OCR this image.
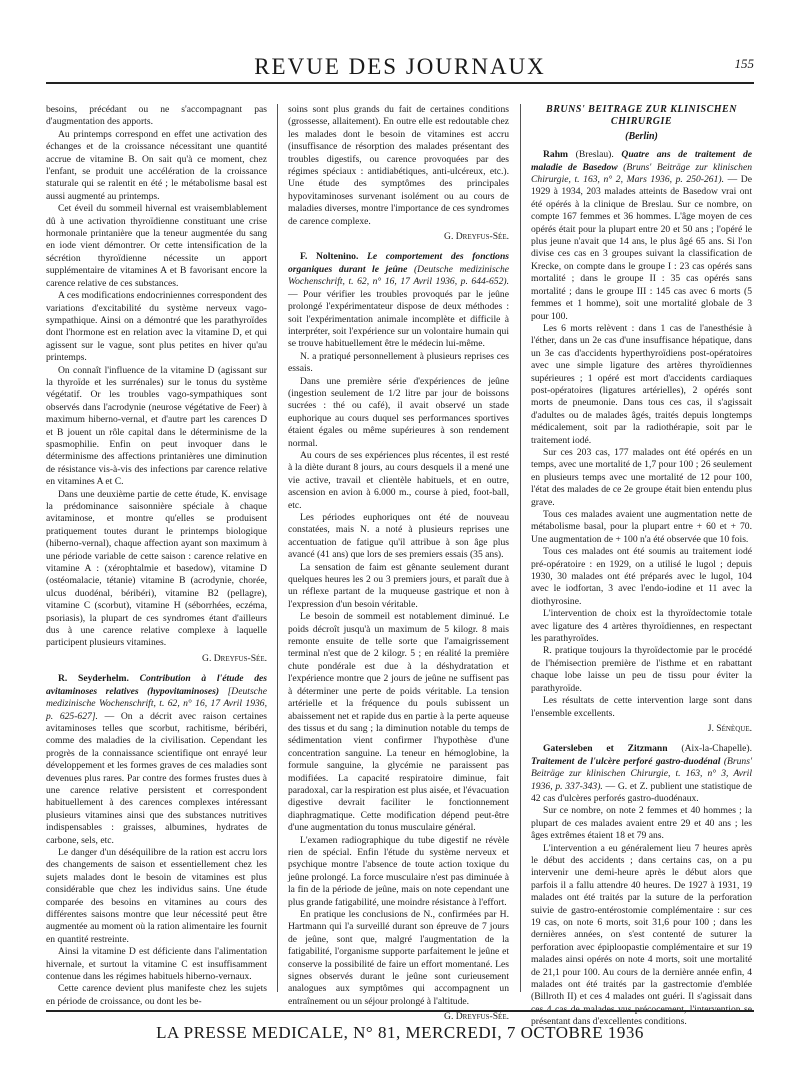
REVUE DES JOURNAUX	155

besoins, précédant ou ne s'accompagnant pas d'augmentation des apports.

Au printemps correspond en effet une activation des échanges et de la croissance nécessitant une quantité accrue de vitamine B. On sait qu'à ce moment, chez l'enfant, se produit une accélération de la croissance staturale qui se ralentit en été ; le métabolisme basal est aussi augmenté au printemps.

Cet éveil du sommeil hivernal est vraisemblablement dû à une activation thyroïdienne constituant une crise hormonale printanière que la teneur augmentée du sang en iode vient démontrer. Or cette intensification de la sécrétion thyroïdienne nécessite un apport supplémentaire de vitamines A et B favorisant encore la carence relative de ces substances.

A ces modifications endocriniennes correspondent des variations d'excitabilité du système nerveux vago-sympathique. Ainsi on a démontré que les parathyroïdes dont l'hormone est en relation avec la vitamine D, et qui agissent sur le vague, sont plus petites en hiver qu'au printemps.

On connaît l'influence de la vitamine D (agissant sur la thyroïde et les surrénales) sur le tonus du système végétatif. Or les troubles vago-sympathiques sont observés dans l'acrodynie (neurose végétative de Feer) à maximum hiberno-vernal, et d'autre part les carences D et B jouent un rôle capital dans le déterminisme de la spasmophilie. Enfin on peut invoquer dans le déterminisme des affections printanières une diminution de résistance vis-à-vis des infections par carence relative en vitamines A et C.

Dans une deuxième partie de cette étude, K. envisage la prédominance saisonnière spéciale à chaque avitaminose, et montre qu'elles se produisent pratiquement toutes durant le printemps biologique (hiberno-vernal), chaque affection ayant son maximum à une période variable de cette saison : carence relative en vitamine A : (xérophtalmie et basedow), vitamine D (ostéomalacie, tétanie) vitamine B (acrodynie, chorée, ulcus duodénal, béribéri), vitamine B2 (pellagre), vitamine C (scorbut), vitamine H (séborrhées, eczéma, psoriasis), la plupart de ces syndromes étant d'ailleurs dus à une carence relative complexe à laquelle participent plusieurs vitamines.

G. Dreyfus-Sée.

R. Seyderhelm. Contribution à l'étude des avitaminoses relatives (hypovitaminoses) [Deutsche medizinische Wochenschrift, t. 62, n° 16, 17 Avril 1936, p. 625-627]. — On a décrit avec raison certaines avitaminoses telles que scorbut, rachitisme, béribéri, comme des maladies de la civilisation. Cependant les progrès de la connaissance scientifique ont enrayé leur développement et les formes graves de ces maladies sont devenues plus rares. Par contre des formes frustes dues à une carence relative persistent et correspondent habituellement à des carences complexes intéressant plusieurs vitamines ainsi que des substances nutritives indispensables : graisses, albumines, hydrates de carbone, sels, etc.

Le danger d'un déséquilibre de la ration est accru lors des changements de saison et essentiellement chez les sujets malades dont le besoin de vitamines est plus considérable que chez les individus sains. Une étude comparée des besoins en vitamines au cours des différentes saisons montre que leur nécessité peut être augmentée au moment où la ration alimentaire les fournit en quantité restreinte.

Ainsi la vitamine D est déficiente dans l'alimentation hivernale, et surtout la vitamine C est insuffisamment contenue dans les régimes habituels hiberno-vernaux.

Cette carence devient plus manifeste chez les sujets en période de croissance, ou dont les be-

soins sont plus grands du fait de certaines conditions (grossesse, allaitement). En outre elle est redoutable chez les malades dont le besoin de vitamines est accru (insuffisance de résorption des malades présentant des troubles digestifs, ou carence provoquées par des régimes spéciaux : antidiabétiques, anti-ulcéreux, etc.). Une étude des symptômes des principales hypovitaminoses survenant isolément ou au cours de maladies diverses, montre l'importance de ces syndromes de carence complexe.

G. Dreyfus-Sée.

F. Noltenino. Le comportement des fonctions organiques durant le jeûne (Deutsche medizinische Wochenschrift, t. 62, n° 16, 17 Avril 1936, p. 644-652). — Pour vérifier les troubles provoqués par le jeûne prolongé l'expérimentateur dispose de deux méthodes : soit l'expérimentation animale incomplète et difficile à interpréter, soit l'expérience sur un volontaire humain qui se trouve habituellement être le médecin lui-même.

N. a pratiqué personnellement à plusieurs reprises ces essais.

Dans une première série d'expériences de jeûne (ingestion seulement de 1/2 litre par jour de boissons sucrées : thé ou café), il avait observé un stade euphorique au cours duquel ses performances sportives étaient égales ou même supérieures à son rendement normal.

Au cours de ses expériences plus récentes, il est resté à la diète durant 8 jours, au cours desquels il a mené une vie active, travail et clientèle habituels, et en outre, ascension en avion à 6.000 m., course à pied, foot-ball, etc.

Les périodes euphoriques ont été de nouveau constatées, mais N. a noté à plusieurs reprises une accentuation de fatigue qu'il attribue à son âge plus avancé (41 ans) que lors de ses premiers essais (35 ans).

La sensation de faim est gênante seulement durant quelques heures les 2 ou 3 premiers jours, et paraît due à un réflexe partant de la muqueuse gastrique et non à l'expression d'un besoin véritable.

Le besoin de sommeil est notablement diminué. Le poids décroît jusqu'à un maximum de 5 kilogr. 8 mais remonte ensuite de telle sorte que l'amaigrissement terminal n'est que de 2 kilogr. 5 ; en réalité la première chute pondérale est due à la déshydratation et l'expérience montre que 2 jours de jeûne ne suffisent pas à déterminer une perte de poids véritable. La tension artérielle et la fréquence du pouls subissent un abaissement net et rapide dus en partie à la perte aqueuse des tissus et du sang ; la diminution notable du temps de sédimentation vient confirmer l'hypothèse d'une concentration sanguine. La teneur en hémoglobine, la formule sanguine, la glycémie ne paraissent pas modifiées. La capacité respiratoire diminue, fait paradoxal, car la respiration est plus aisée, et l'évacuation digestive devrait faciliter le fonctionnement diaphragmatique. Cette modification dépend peut-être d'une augmentation du tonus musculaire général.

L'examen radiographique du tube digestif ne révèle rien de spécial. Enfin l'étude du système nerveux et psychique montre l'absence de toute action toxique du jeûne prolongé. La force musculaire n'est pas diminuée à la fin de la période de jeûne, mais on note cependant une plus grande fatigabilité, une moindre résistance à l'effort.

En pratique les conclusions de N., confirmées par H. Hartmann qui l'a surveillé durant son épreuve de 7 jours de jeûne, sont que, malgré l'augmentation de la fatigabilité, l'organisme supporte parfaitement le jeûne et conserve la possibilité de faire un effort momentané. Les signes observés durant le jeûne sont curieusement analogues aux symptômes qui accompagnent un entraînement ou un séjour prolongé à l'altitude.

G. Dreyfus-Sée.
BRUNS' BEITRAGE ZUR KLINISCHEN CHIRURGIE
(Berlin)

Rahm (Breslau). Quatre ans de traitement de maladie de Basedow (Bruns' Beiträge zur klinischen Chirurgie, t. 163, n° 2, Mars 1936, p. 250-261). — De 1929 à 1934, 203 malades atteints de Basedow vrai ont été opérés à la clinique de Breslau. Sur ce nombre, on compte 167 femmes et 36 hommes. L'âge moyen de ces opérés était pour la plupart entre 20 et 50 ans ; l'opéré le plus jeune n'avait que 14 ans, le plus âgé 65 ans. Si l'on divise ces cas en 3 groupes suivant la classification de Krecke, on compte dans le groupe I : 23 cas opérés sans mortalité ; dans le groupe II : 35 cas opérés sans mortalité ; dans le groupe III : 145 cas avec 6 morts (5 femmes et 1 homme), soit une mortalité globale de 3 pour 100.

Les 6 morts relèvent : dans 1 cas de l'anesthésie à l'éther, dans un 2e cas d'une insuffisance hépatique, dans un 3e cas d'accidents hyperthyroïdiens post-opératoires avec une simple ligature des artères thyroïdiennes supérieures ; 1 opéré est mort d'accidents cardiaques post-opératoires (ligatures artérielles), 2 opérés sont morts de pneumonie. Dans tous ces cas, il s'agissait d'adultes ou de malades âgés, traités depuis longtemps médicalement, soit par la radiothérapie, soit par le traitement iodé.

Sur ces 203 cas, 177 malades ont été opérés en un temps, avec une mortalité de 1,7 pour 100 ; 26 seulement en plusieurs temps avec une mortalité de 12 pour 100, l'état des malades de ce 2e groupe était bien entendu plus grave.

Tous ces malades avaient une augmentation nette de métabolisme basal, pour la plupart entre + 60 et + 70. Une augmentation de + 100 n'a été observée que 10 fois.

Tous ces malades ont été soumis au traitement iodé pré-opératoire : en 1929, on a utilisé le lugol ; depuis 1930, 30 malades ont été préparés avec le lugol, 104 avec le iodfortan, 3 avec l'endo-iodine et 11 avec la diothyrosine.

L'intervention de choix est la thyroïdectomie totale avec ligature des 4 artères thyroïdiennes, en respectant les parathyroïdes.

R. pratique toujours la thyroïdectomie par le procédé de l'hémisection première de l'isthme et en rabattant chaque lobe laisse un peu de tissu pour éviter la parathyroïde.

Les résultats de cette intervention large sont dans l'ensemble excellents.

J. Sénèque.

Gatersleben et Zitzmann (Aix-la-Chapelle). Traitement de l'ulcère perforé gastro-duodénal (Bruns' Beiträge zur klinischen Chirurgie, t. 163, n° 3, Avril 1936, p. 337-343). — G. et Z. publient une statistique de 42 cas d'ulcères perforés gastro-duodénaux.

Sur ce nombre, on note 2 femmes et 40 hommes ; la plupart de ces malades avaient entre 29 et 40 ans ; les âges extrêmes étaient 18 et 79 ans.

L'intervention a eu généralement lieu 7 heures après le début des accidents ; dans certains cas, on a pu intervenir une demi-heure après le début alors que parfois il a fallu attendre 40 heures. De 1927 à 1931, 19 malades ont été traités par la suture de la perforation suivie de gastro-entérostomie complémentaire : sur ces 19 cas, on note 6 morts, soit 31,6 pour 100 ; dans les dernières années, on s'est contenté de suturer la perforation avec épiploopastie complémentaire et sur 19 malades ainsi opérés on note 4 morts, soit une mortalité de 21,1 pour 100. Au cours de la dernière année enfin, 4 malades ont été traités par la gastrectomie d'emblée (Billroth II) et ces 4 malades ont guéri. Il s'agissait dans ces 4 cas de malades vus précocement, l'intervention se présentant dans d'excellentes conditions.

LA PRESSE MEDICALE, N° 81, MERCREDI, 7 OCTOBRE 1936
